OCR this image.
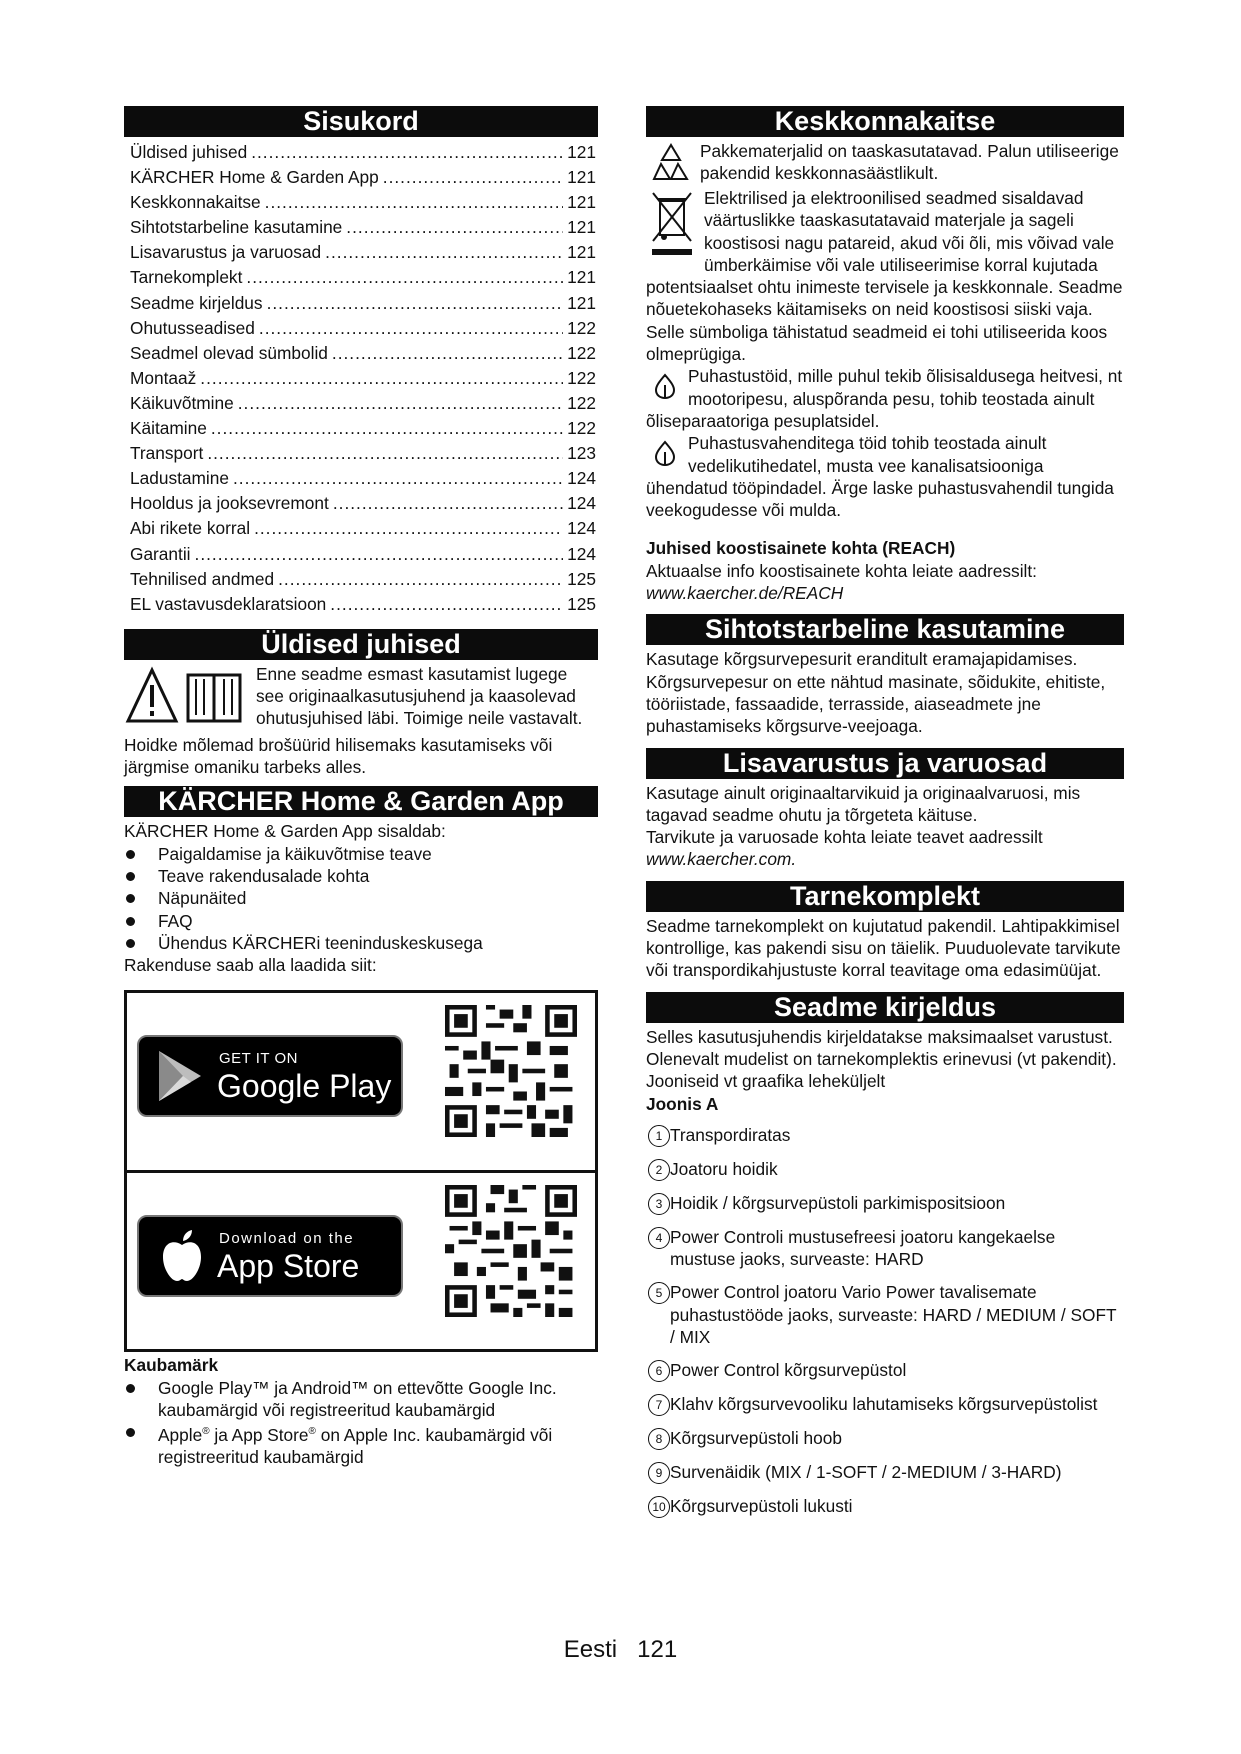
Sisukord
Üldised juhised .....	121
KÄRCHER Home & Garden App .....	121
Keskkonnakaitse .....	121
Sihtotstarbeline kasutamine .....	121
Lisavarustus ja varuosad .....	121
Tarnekomplekt .....	121
Seadme kirjeldus .....	121
Ohutusseadised .....	122
Seadmel olevad sümbolid .....	122
Montaaž .....	122
Käikuvõtmine .....	122
Käitamine .....	122
Transport .....	123
Ladustamine .....	124
Hooldus ja jooksevremont .....	124
Abi rikete korral .....	124
Garantii .....	124
Tehnilised andmed .....	125
EL vastavusdeklaratsioon .....	125
Üldised juhised

Enne seadme esmast kasutamist lugege see originaalkasutusjuhend ja kaasolevad ohutusjuhised läbi. Toimige neile vastavalt.

Hoidke mõlemad brošüürid hilisemaks kasutamiseks või järgmise omaniku tarbeks alles.

KÄRCHER Home & Garden App

KÄRCHER Home & Garden App sisaldab:

Paigaldamise ja käikuvõtmise teave
Teave rakendusalade kohta
Näpunäited
FAQ
Ühendus KÄRCHERi teeninduskeskusega

Rakenduse saab alla laadida siit:

GET IT ON
Google Play
Download on the
App Store

Kaubamärk

Google Play™ ja Android™ on ettevõtte Google Inc. kaubamärgid või registreeritud kaubamärgid
Apple® ja App Store® on Apple Inc. kaubamärgid või registreeritud kaubamärgid
Keskkonnakaitse

Pakkematerjalid on taaskasutatavad. Palun utiliseerige pakendid keskkonnasäästlikult.

Elektrilised ja elektroonilised seadmed sisaldavad väärtuslikke taaskasutatavaid materjale ja sageli koostisosi nagu patareid, akud või õli, mis võivad vale ümberkäimise või vale utiliseerimise korral kujutada potentsiaalset ohtu inimeste tervisele ja keskkonnale. Seadme nõuetekohaseks käitamiseks on neid koostisosi siiski vaja. Selle sümboliga tähistatud seadmeid ei tohi utiliseerida koos olmeprügiga.

Puhastustöid, mille puhul tekib õlisisaldusega heitvesi, nt mootoripesu, aluspõranda pesu, tohib teostada ainult õliseparaatoriga pesuplatsidel.

Puhastusvahenditega töid tohib teostada ainult vedelikutihedatel, musta vee kanalisatsiooniga ühendatud tööpindadel. Ärge laske puhastusvahendil tungida veekogudesse või mulda.

Juhised koostisainete kohta (REACH)

Aktuaalse info koostisainete kohta leiate aadressilt:

www.kaercher.de/REACH

Sihtotstarbeline kasutamine

Kasutage kõrgsurvepesurit eranditult eramajapidamises.

Kõrgsurvepesur on ette nähtud masinate, sõidukite, ehitiste, tööriistade, fassaadide, terrasside, aiaseadmete jne puhastamiseks kõrgsurve-veejoaga.

Lisavarustus ja varuosad

Kasutage ainult originaaltarvikuid ja originaalvaruosi, mis tagavad seadme ohutu ja tõrgeteta käituse.

Tarvikute ja varuosade kohta leiate teavet aadressilt

www.kaercher.com.

Tarnekomplekt

Seadme tarnekomplekt on kujutatud pakendil. Lahtipakkimisel kontrollige, kas pakendi sisu on täielik. Puuduolevate tarvikute või transpordikahjustuste korral teavitage oma edasimüüjat.

Seadme kirjeldus

Selles kasutusjuhendis kirjeldatakse maksimaalset varustust. Olenevalt mudelist on tarnekomplektis erinevusi (vt pakendit).

Jooniseid vt graafika leheküljelt

Joonis A

1 Transpordiratas
2 Joatoru hoidik
3 Hoidik / kõrgsurvepüstoli parkimispositsioon
4 Power Controli mustusefreesi joatoru kangekaelse mustuse jaoks, surveaste: HARD
5 Power Control joatoru Vario Power tavalisemate puhastustööde jaoks, surveaste: HARD / MEDIUM / SOFT / MIX
6 Power Control kõrgsurvepüstol
7 Klahv kõrgsurvevooliku lahutamiseks kõrgsurvepüstolist
8 Kõrgsurvepüstoli hoob
9 Survenäidik (MIX / 1-SOFT / 2-MEDIUM / 3-HARD)
10 Kõrgsurvepüstoli lukusti
Eesti 121
